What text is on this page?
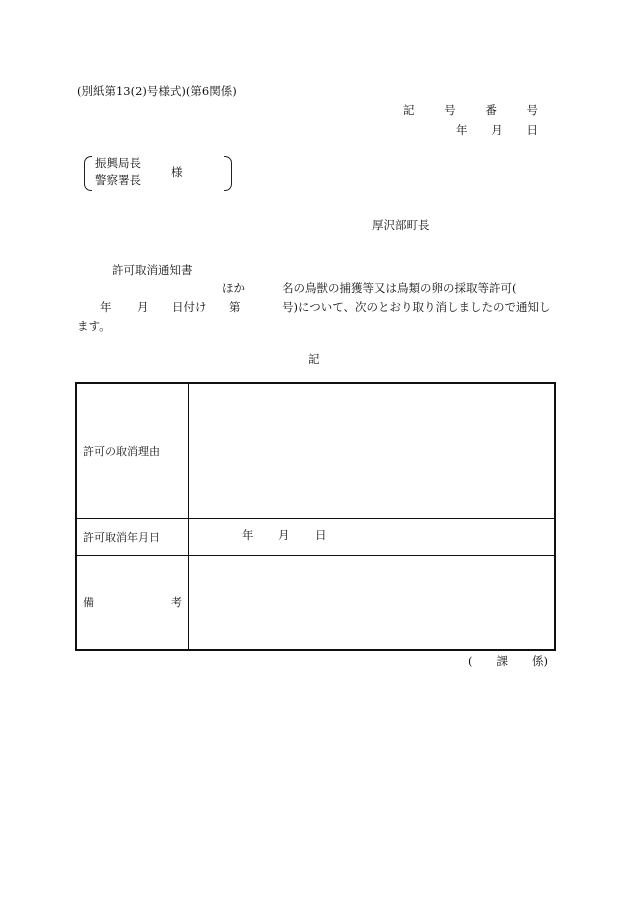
(別紙第13(2)号様式)(第6関係)
記	号	番	号
年 月 日
振興局長
警察署長
様
厚沢部町長
許可取消通知書
ほか	名の鳥獣の捕獲等又は鳥類の卵の採取等許可(
年 月 日付け 第	号)について、次のとおり取り消しましたので通知し
ます。
記
許可の取消理由	
許可取消年月日	年 月 日

備 考	

( 課 係)
